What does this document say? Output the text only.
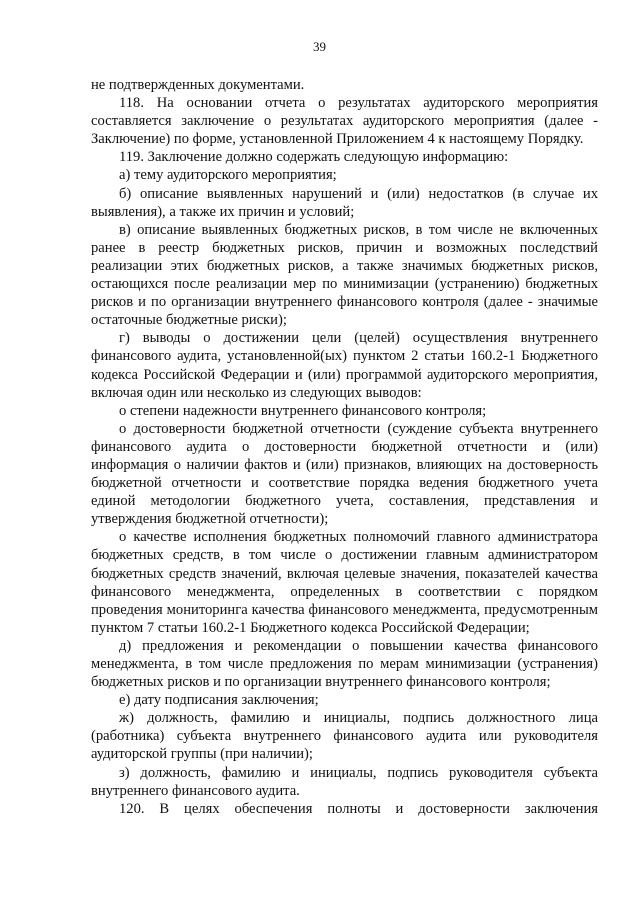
39

не подтвержденных документами.

118. На основании отчета о результатах аудиторского мероприятия составляется заключение о результатах аудиторского мероприятия (далее - Заключение) по форме, установленной Приложением 4 к настоящему Порядку.

119. Заключение должно содержать следующую информацию:

а) тему аудиторского мероприятия;

б) описание выявленных нарушений и (или) недостатков (в случае их выявления), а также их причин и условий;

в) описание выявленных бюджетных рисков, в том числе не включенных ранее в реестр бюджетных рисков, причин и возможных последствий реализации этих бюджетных рисков, а также значимых бюджетных рисков, остающихся после реализации мер по минимизации (устранению) бюджетных рисков и по организации внутреннего финансового контроля (далее - значимые остаточные бюджетные риски);

г) выводы о достижении цели (целей) осуществления внутреннего финансового аудита, установленной(ых) пунктом 2 статьи 160.2-1 Бюджетного кодекса Российской Федерации и (или) программой аудиторского мероприятия, включая один или несколько из следующих выводов:

о степени надежности внутреннего финансового контроля;

о достоверности бюджетной отчетности (суждение субъекта внутреннего финансового аудита о достоверности бюджетной отчетности и (или) информация о наличии фактов и (или) признаков, влияющих на достоверность бюджетной отчетности и соответствие порядка ведения бюджетного учета единой методологии бюджетного учета, составления, представления и утверждения бюджетной отчетности);

о качестве исполнения бюджетных полномочий главного администратора бюджетных средств, в том числе о достижении главным администратором бюджетных средств значений, включая целевые значения, показателей качества финансового менеджмента, определенных в соответствии с порядком проведения мониторинга качества финансового менеджмента, предусмотренным пунктом 7 статьи 160.2-1 Бюджетного кодекса Российской Федерации;

д) предложения и рекомендации о повышении качества финансового менеджмента, в том числе предложения по мерам минимизации (устранения) бюджетных рисков и по организации внутреннего финансового контроля;

е) дату подписания заключения;

ж) должность, фамилию и инициалы, подпись должностного лица (работника) субъекта внутреннего финансового аудита или руководителя аудиторской группы (при наличии);

з) должность, фамилию и инициалы, подпись руководителя субъекта внутреннего финансового аудита.

120. В целях обеспечения полноты и достоверности заключения
